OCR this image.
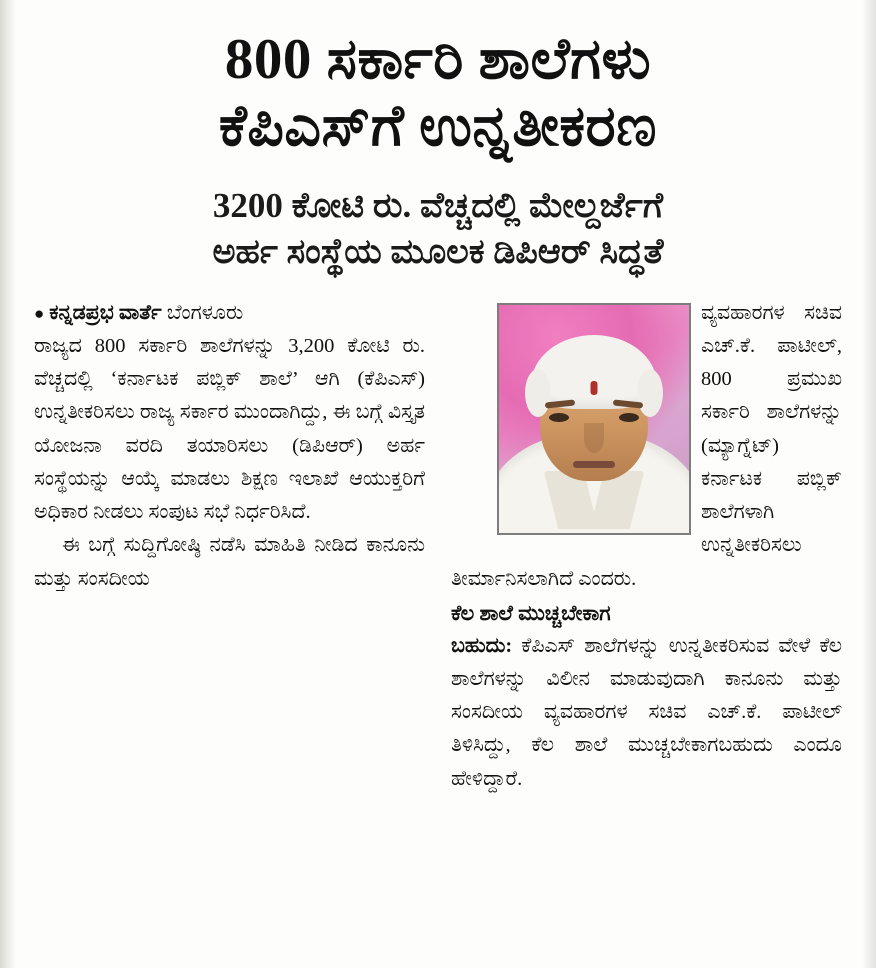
800 ಸರ್ಕಾರಿ ಶಾಲೆಗಳು
ಕೆಪಿಎಸ್‌ಗೆ ಉನ್ನತೀಕರಣ
3200 ಕೋಟಿ ರು. ವೆಚ್ಚದಲ್ಲಿ ಮೇಲ್ದರ್ಜೆಗೆ
ಅರ್ಹ ಸಂಸ್ಥೆಯ ಮೂಲಕ ಡಿಪಿಆರ್ ಸಿದ್ಧತೆ

● ಕನ್ನಡಪ್ರಭ ವಾರ್ತೆ ಬೆಂಗಳೂರು

ರಾಜ್ಯದ 800 ಸರ್ಕಾರಿ ಶಾಲೆಗಳನ್ನು 3,200 ಕೋಟಿ ರು. ವೆಚ್ಚದಲ್ಲಿ ‘ಕರ್ನಾಟಕ ಪಬ್ಲಿಕ್ ಶಾಲೆ’ ಆಗಿ (ಕೆಪಿಎಸ್) ಉನ್ನತೀಕರಿಸಲು ರಾಜ್ಯ ಸರ್ಕಾರ ಮುಂದಾಗಿದ್ದು, ಈ ಬಗ್ಗೆ ವಿಸ್ತೃತ ಯೋಜನಾ ವರದಿ ತಯಾರಿಸಲು (ಡಿಪಿಆರ್) ಅರ್ಹ ಸಂಸ್ಥೆಯನ್ನು ಆಯ್ಕೆ ಮಾಡಲು ಶಿಕ್ಷಣ ಇಲಾಖೆ ಆಯುಕ್ತರಿಗೆ ಅಧಿಕಾರ ನೀಡಲು ಸಂಪುಟ ಸಭೆ ನಿರ್ಧರಿಸಿದೆ.

ಈ ಬಗ್ಗೆ ಸುದ್ದಿಗೋಷ್ಠಿ ನಡೆಸಿ ಮಾಹಿತಿ ನೀಡಿದ ಕಾನೂನು ಮತ್ತು ಸಂಸದೀಯ

ವ್ಯವಹಾರಗಳ ಸಚಿವ ಎಚ್.ಕೆ. ಪಾಟೀಲ್, 800 ಪ್ರಮುಖ ಸರ್ಕಾರಿ ಶಾಲೆಗಳನ್ನು (ಮ್ಯಾಗ್ನೆಟ್) ಕರ್ನಾಟಕ ಪಬ್ಲಿಕ್ ಶಾಲೆಗಳಾಗಿ ಉನ್ನತೀಕರಿಸಲು ತೀರ್ಮಾನಿಸಲಾಗಿದೆ ಎಂದರು.

ಕೆಲ ಶಾಲೆ ಮುಚ್ಚಬೇಕಾಗ

ಬಹುದು: ಕೆಪಿಎಸ್ ಶಾಲೆಗಳನ್ನು ಉನ್ನತೀಕರಿಸುವ ವೇಳೆ ಕೆಲ ಶಾಲೆಗಳನ್ನು ವಿಲೀನ ಮಾಡುವುದಾಗಿ ಕಾನೂನು ಮತ್ತು ಸಂಸದೀಯ ವ್ಯವಹಾರಗಳ ಸಚಿವ ಎಚ್.ಕೆ. ಪಾಟೀಲ್ ತಿಳಿಸಿದ್ದು, ಕೆಲ ಶಾಲೆ ಮುಚ್ಚಬೇಕಾಗಬಹುದು ಎಂದೂ ಹೇಳಿದ್ದಾರೆ.
